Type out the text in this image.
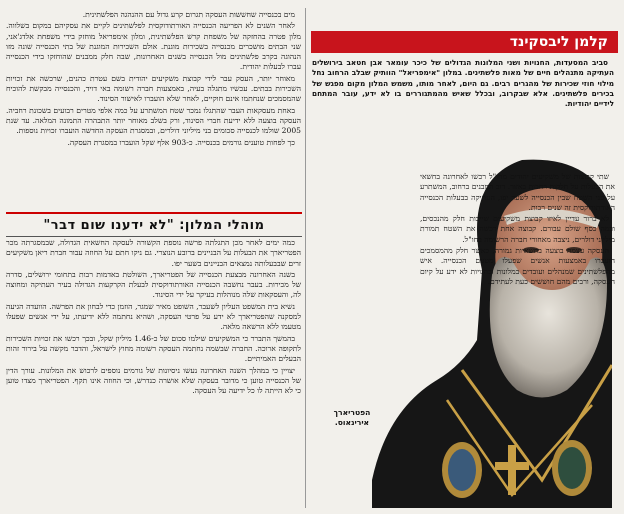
מים בכנסייה שחששות העסקה תגרום קרע גדול עם ההנהגה הפלשתינית.

לאחר השנים לא הפריעה הכנסייה האורתודוקסית לפלשתינים לקיים את עסקיהם במקום בשלווה. מלון פטרה בהחזקה של משפחת קרש הפלשתינית, ומלון אימפריאל מוחזק בידי משפחת אלדג'אני, שני הבתים מושכרים מכנסייה בשכירות מוגנת. אולם השכירות המוגנת של בתי הכנסייה שונה מזו הנהוגה בקרב פלשתינים מול הכנסייה בשנים האחרונות, שבה חלק ממבנים שהוחזקו בידי הכנסייה עברו לבעלות יהודית.

מאוחר יותר, העסק עבר לידי קבוצת משקיעים יהודית בשם עטרת כהנים, שרכשה את זכויות השכירות בבתים. עכשיו מתגלה בעיה, באמצעות חברה רשומה באי דויד, והכנסייה מבקשת להוכיח שהמסמכים שנחתמו אינם חוקיים, לאחר שלא הועברו לאישור הסינוד.

באחת מעסקאות העבר שהתגלו נמכר שטח המשתרע על כמה אלפי מטרים רבועים בשכונת רחביה. העסקה בוצעה ללא ידיעת חברי הסינוד, ורק בשלב מאוחר יותר התבהרה התמונה המלאה. עד שנת 2005 שולמו לכנסייה סכומים בני מיליוני דולרים, ובמסגרת העסקה החדשה הועברו זכויות נוספות.

כך לפחות טוענים גורמים בכנסייה. כ-903 אלף שקל הועברו במסגרת העסקה.

מוהלי המלון: "לא ידענו שום דבר"

כמה ימים לאחר מכן התגלתה פרשה נוספת הקשורה לעסקה החשאית הגדולה, שבמסגרתה מכר הפטריארך את הבעלות על הבניינים ברובע הנוצרי. גם ניקו חתם על החוזה עבור חברת ריאן משקיעים זרים שבבעלותה נמצאים הבניינים בשער יפו.

בשנה האחרונה מבצעת הכנסייה של הפטריארך, השולטת באדמות רבות בתחומי ירושלים, סדרה של מכירות. בעבר נחשבה הכנסייה האורתודוקסית לבעלת הקרקעות הגדולה בעיר העתיקה ומחוצה לה, והעסקאות שלה מנוהלות בעיקר על ידי הסינוד.

נשיא בית המשפט העליון לשעבר, השופט מאיר שמגר, הוזמן כדי לבחון את הפרשה. הוועדה הגיעה למסקנה שהפטריארך לא ידע על פרטי העסקה, ושהיא נחתמה ללא ידיעתו, על ידי אנשים שפעלו מטעמו ללא הרשאה מלאה.

בהמשך התברר כי המשקיעים שילמו סכום של כ-1.46 מיליון שקל, ובכך רכשו את זכויות השכירות לתקופה ארוכה. החברה שבשמה נחתמה העסקה רשומה מחוץ לישראל, והדבר מקשה על בירור זהות הבעלים האמיתיים.

יצויין כי במהלך השנה האחרונה נעשו ניסיונות של גורמים נוספים לרכוש את המלונות. עורך הדין של הכנסייה טוען כי מדובר בעסקה שלא אושרה כנדרש, וכי החוזה אינו תקף. הפטריארך מצדו טוען כי לא הייתה לו כל ידיעה על העסקה.

קלמן ליבסקינד

סביב המסעדות, החנויות ושני המלונות הגדולים של כיכר עומאר אבן חטאב בירושלים העתיקה מתנהלים חיים של מאות פלשתינים. במלון "אימפריאל" הוותיק שבלב הרחוב נחל מילוי חוזי שכירות של מהגרים רבים. גם היום, לאחר מותו, משמש המלון מקום מפגש של בכירים פלשתינים. אלא שבקרוב, ובכלל שאיש מהמתגוררים בו לא ידע, עובר המתחם לידיים יהודיות.

שתי קבוצות של משקיעים יהודים מחו"ל רכשו לאחרונה בחשאי את הבעלות על חלקות רחבות באזור. רוב המבנים ברחוב, המשתרע על פני השטח שבין הכנסייה לשער יפו, העתיקה בבעלות הכנסייה האורתודוקסית זה שנים רבות.

לא ברור עדיין לאיזו קבוצת משקיעים שייכות חלק מהנכסים, וכמה כסף שולם עבורם. קבוצה אחת רכשה את השטח תמורת מיליוני דולרים, ניצבה מאחורי חברה הרשומה בחו"ל.

העסקה עצמה בוצעה בחשאיות גמורה, כאשר חלק מהמסמכים הועברו באמצעות אנשים שפעלו מטעם הכנסייה. איש מהפלשתינים שמנהלים ועובדים במלונות ובחנויות לא ידע על קיום העסקה, ורבים מהם חוששים כעת לעתידם.

הפטריארך אירינאוס.
